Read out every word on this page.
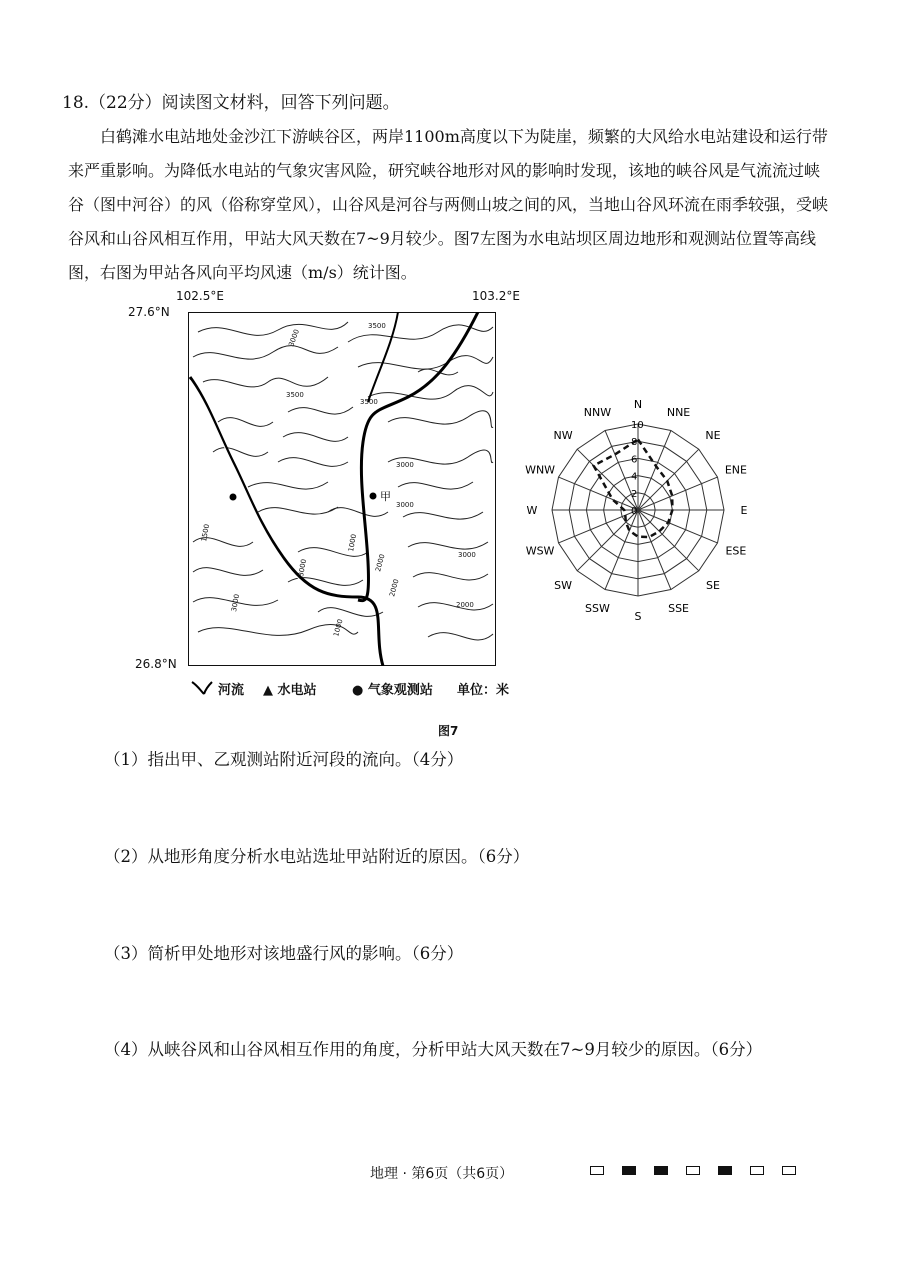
18.（22分）阅读图文材料，回答下列问题。
白鹤滩水电站地处金沙江下游峡谷区，两岸1100m高度以下为陡崖，频繁的大风给水电站建设和运行带来严重影响。为降低水电站的气象灾害风险，研究峡谷地形对风的影响时发现，该地的峡谷风是气流流过峡谷（图中河谷）的风（俗称穿堂风），山谷风是河谷与两侧山坡之间的风，当地山谷风环流在雨季较强，受峡谷风和山谷风相互作用，甲站大风天数在7~9月较少。图7左图为水电站坝区周边地形和观测站位置等高线图，右图为甲站各风向平均风速（m/s）统计图。
102.5°E	103.2°E
27.6°N
26.8°N
甲
3500
3000
3500
3500
3000
3000
3000
1000
2000
2000
3000
1500
2000
1000
3000
河流 ▲ 水电站	● 气象观测站 单位：米
0
2
4
6
8
10
N
NNE
NE
ENE
E
ESE
SE
SSE
S
SSW
SW
WSW
W
WNW
NW
NNW
图7
（1）指出甲、乙观测站附近河段的流向。（4分）
（2）从地形角度分析水电站选址甲站附近的原因。（6分）
（3）简析甲处地形对该地盛行风的影响。（6分）
（4）从峡谷风和山谷风相互作用的角度，分析甲站大风天数在7~9月较少的原因。（6分）
地理 · 第6页（共6页）
